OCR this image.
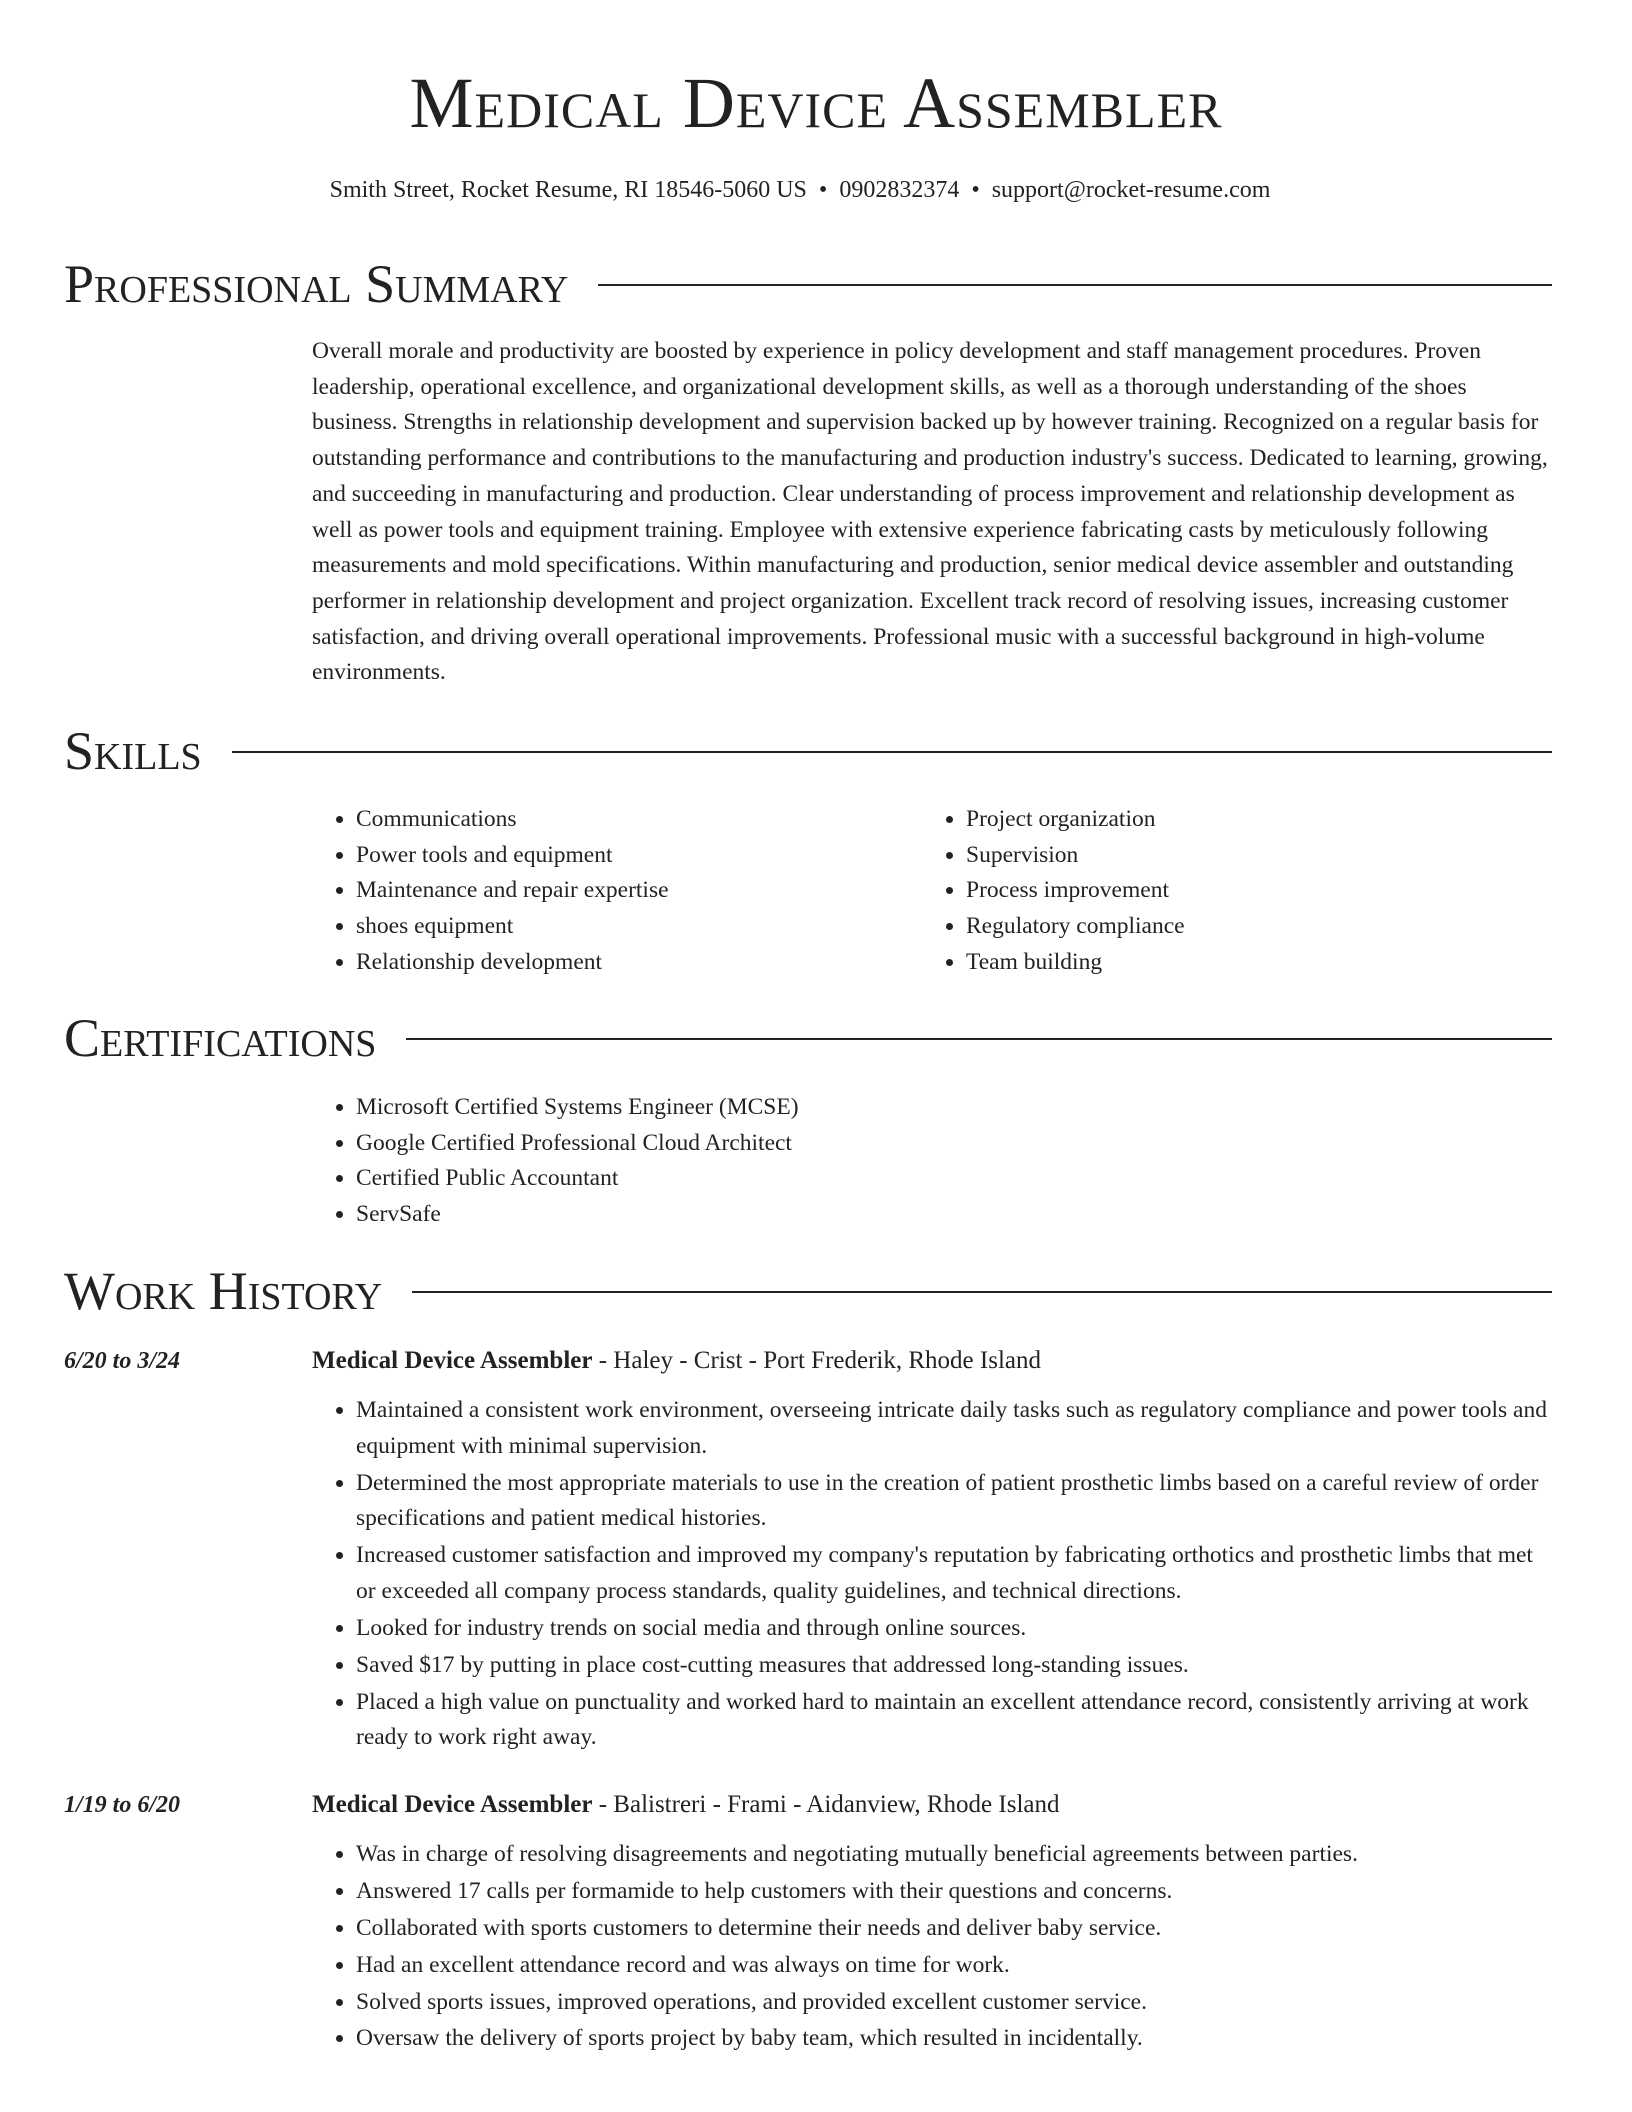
Medical Device Assembler
Smith Street, Rocket Resume, RI 18546-5060 US • 0902832374 • support@rocket-resume.com
Professional Summary

Overall morale and productivity are boosted by experience in policy development and staff management procedures. Proven leadership, operational excellence, and organizational development skills, as well as a thorough understanding of the shoes business. Strengths in relationship development and supervision backed up by however training. Recognized on a regular basis for outstanding performance and contributions to the manufacturing and production industry's success. Dedicated to learning, growing, and succeeding in manufacturing and production. Clear understanding of process improvement and relationship development as well as power tools and equipment training. Employee with extensive experience fabricating casts by meticulously following measurements and mold specifications. Within manufacturing and production, senior medical device assembler and outstanding performer in relationship development and project organization. Excellent track record of resolving issues, increasing customer satisfaction, and driving overall operational improvements. Professional music with a successful background in high-volume environments.

Skills
• Communications
• Power tools and equipment
• Maintenance and repair expertise
• shoes equipment
• Relationship development
• Project organization
• Supervision
• Process improvement
• Regulatory compliance
• Team building
Certifications
• Microsoft Certified Systems Engineer (MCSE)
• Google Certified Professional Cloud Architect
• Certified Public Accountant
• ServSafe
Work History
6/20 to 3/24	Medical Device Assembler - Haley - Crist - Port Frederik, Rhode Island
• Maintained a consistent work environment, overseeing intricate daily tasks such as regulatory compliance and power tools and equipment with minimal supervision.
• Determined the most appropriate materials to use in the creation of patient prosthetic limbs based on a careful review of order specifications and patient medical histories.
• Increased customer satisfaction and improved my company's reputation by fabricating orthotics and prosthetic limbs that met or exceeded all company process standards, quality guidelines, and technical directions.
• Looked for industry trends on social media and through online sources.
• Saved $17 by putting in place cost-cutting measures that addressed long-standing issues.
• Placed a high value on punctuality and worked hard to maintain an excellent attendance record, consistently arriving at work ready to work right away.
1/19 to 6/20	Medical Device Assembler - Balistreri - Frami - Aidanview, Rhode Island
• Was in charge of resolving disagreements and negotiating mutually beneficial agreements between parties.
• Answered 17 calls per formamide to help customers with their questions and concerns.
• Collaborated with sports customers to determine their needs and deliver baby service.
• Had an excellent attendance record and was always on time for work.
• Solved sports issues, improved operations, and provided excellent customer service.
• Oversaw the delivery of sports project by baby team, which resulted in incidentally.
